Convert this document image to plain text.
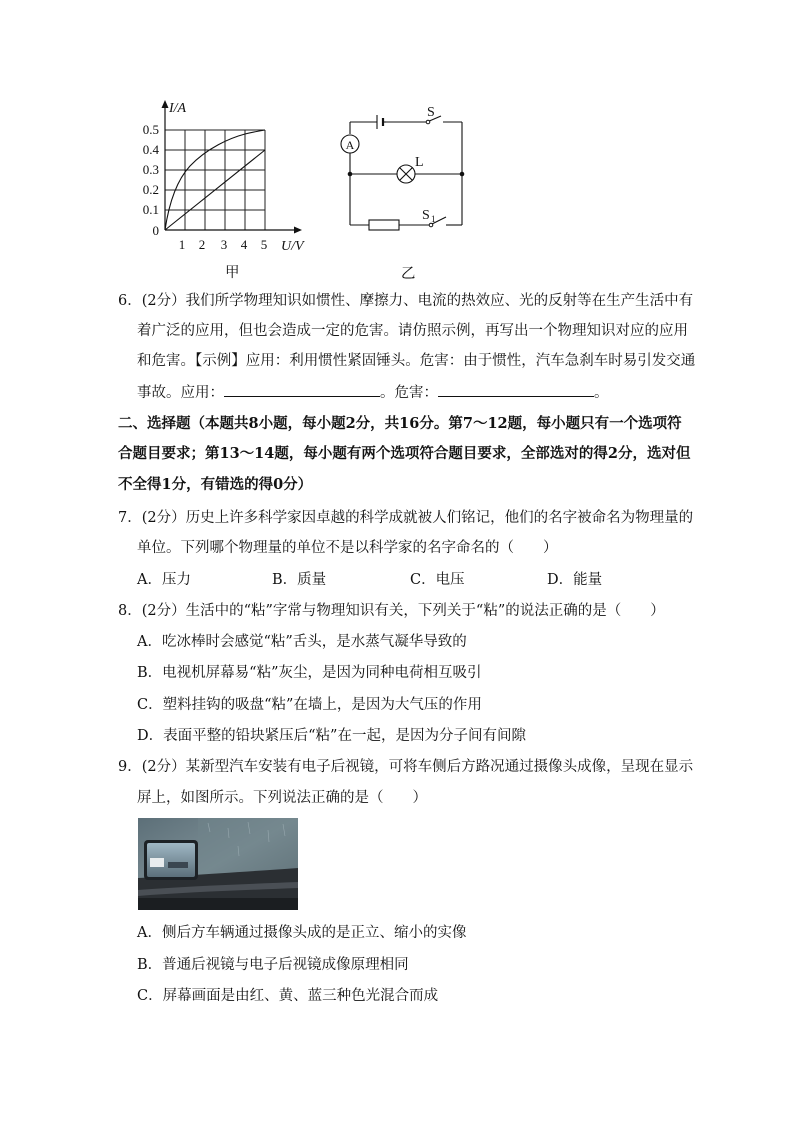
I/A
U/V
0.5
0.4
0.3
0.2
0.1
0
1 2 3 4 5
甲
A
S
L
S 1
乙
6．(2分）我们所学物理知识如惯性、摩擦力、电流的热效应、光的反射等在生产生活中有
着广泛的应用，但也会造成一定的危害。请仿照示例，再写出一个物理知识对应的应用
和危害。【示例】应用：利用惯性紧固锤头。危害：由于惯性，汽车急刹车时易引发交通
事故。应用：	。危害：	。
二、选择题（本题共8小题，每小题2分，共16分。第7～12题，每小题只有一个选项符
合题目要求；第13～14题，每小题有两个选项符合题目要求，全部选对的得2分，选对但
不全得1分，有错选的得0分）
7．(2分）历史上许多科学家因卓越的科学成就被人们铭记，他们的名字被命名为物理量的
单位。下列哪个物理量的单位不是以科学家的名字命名的（　　）
A．压力	B．质量	C．电压	D．能量
8．(2分）生活中的“粘”字常与物理知识有关，下列关于“粘”的说法正确的是（　　）
A．吃冰棒时会感觉“粘”舌头，是水蒸气凝华导致的
B．电视机屏幕易“粘”灰尘，是因为同种电荷相互吸引
C．塑料挂钩的吸盘“粘”在墙上，是因为大气压的作用
D．表面平整的铅块紧压后“粘”在一起，是因为分子间有间隙
9．(2分）某新型汽车安装有电子后视镜，可将车侧后方路况通过摄像头成像，呈现在显示
屏上，如图所示。下列说法正确的是（　　）
A．侧后方车辆通过摄像头成的是正立、缩小的实像
B．普通后视镜与电子后视镜成像原理相同
C．屏幕画面是由红、黄、蓝三种色光混合而成
